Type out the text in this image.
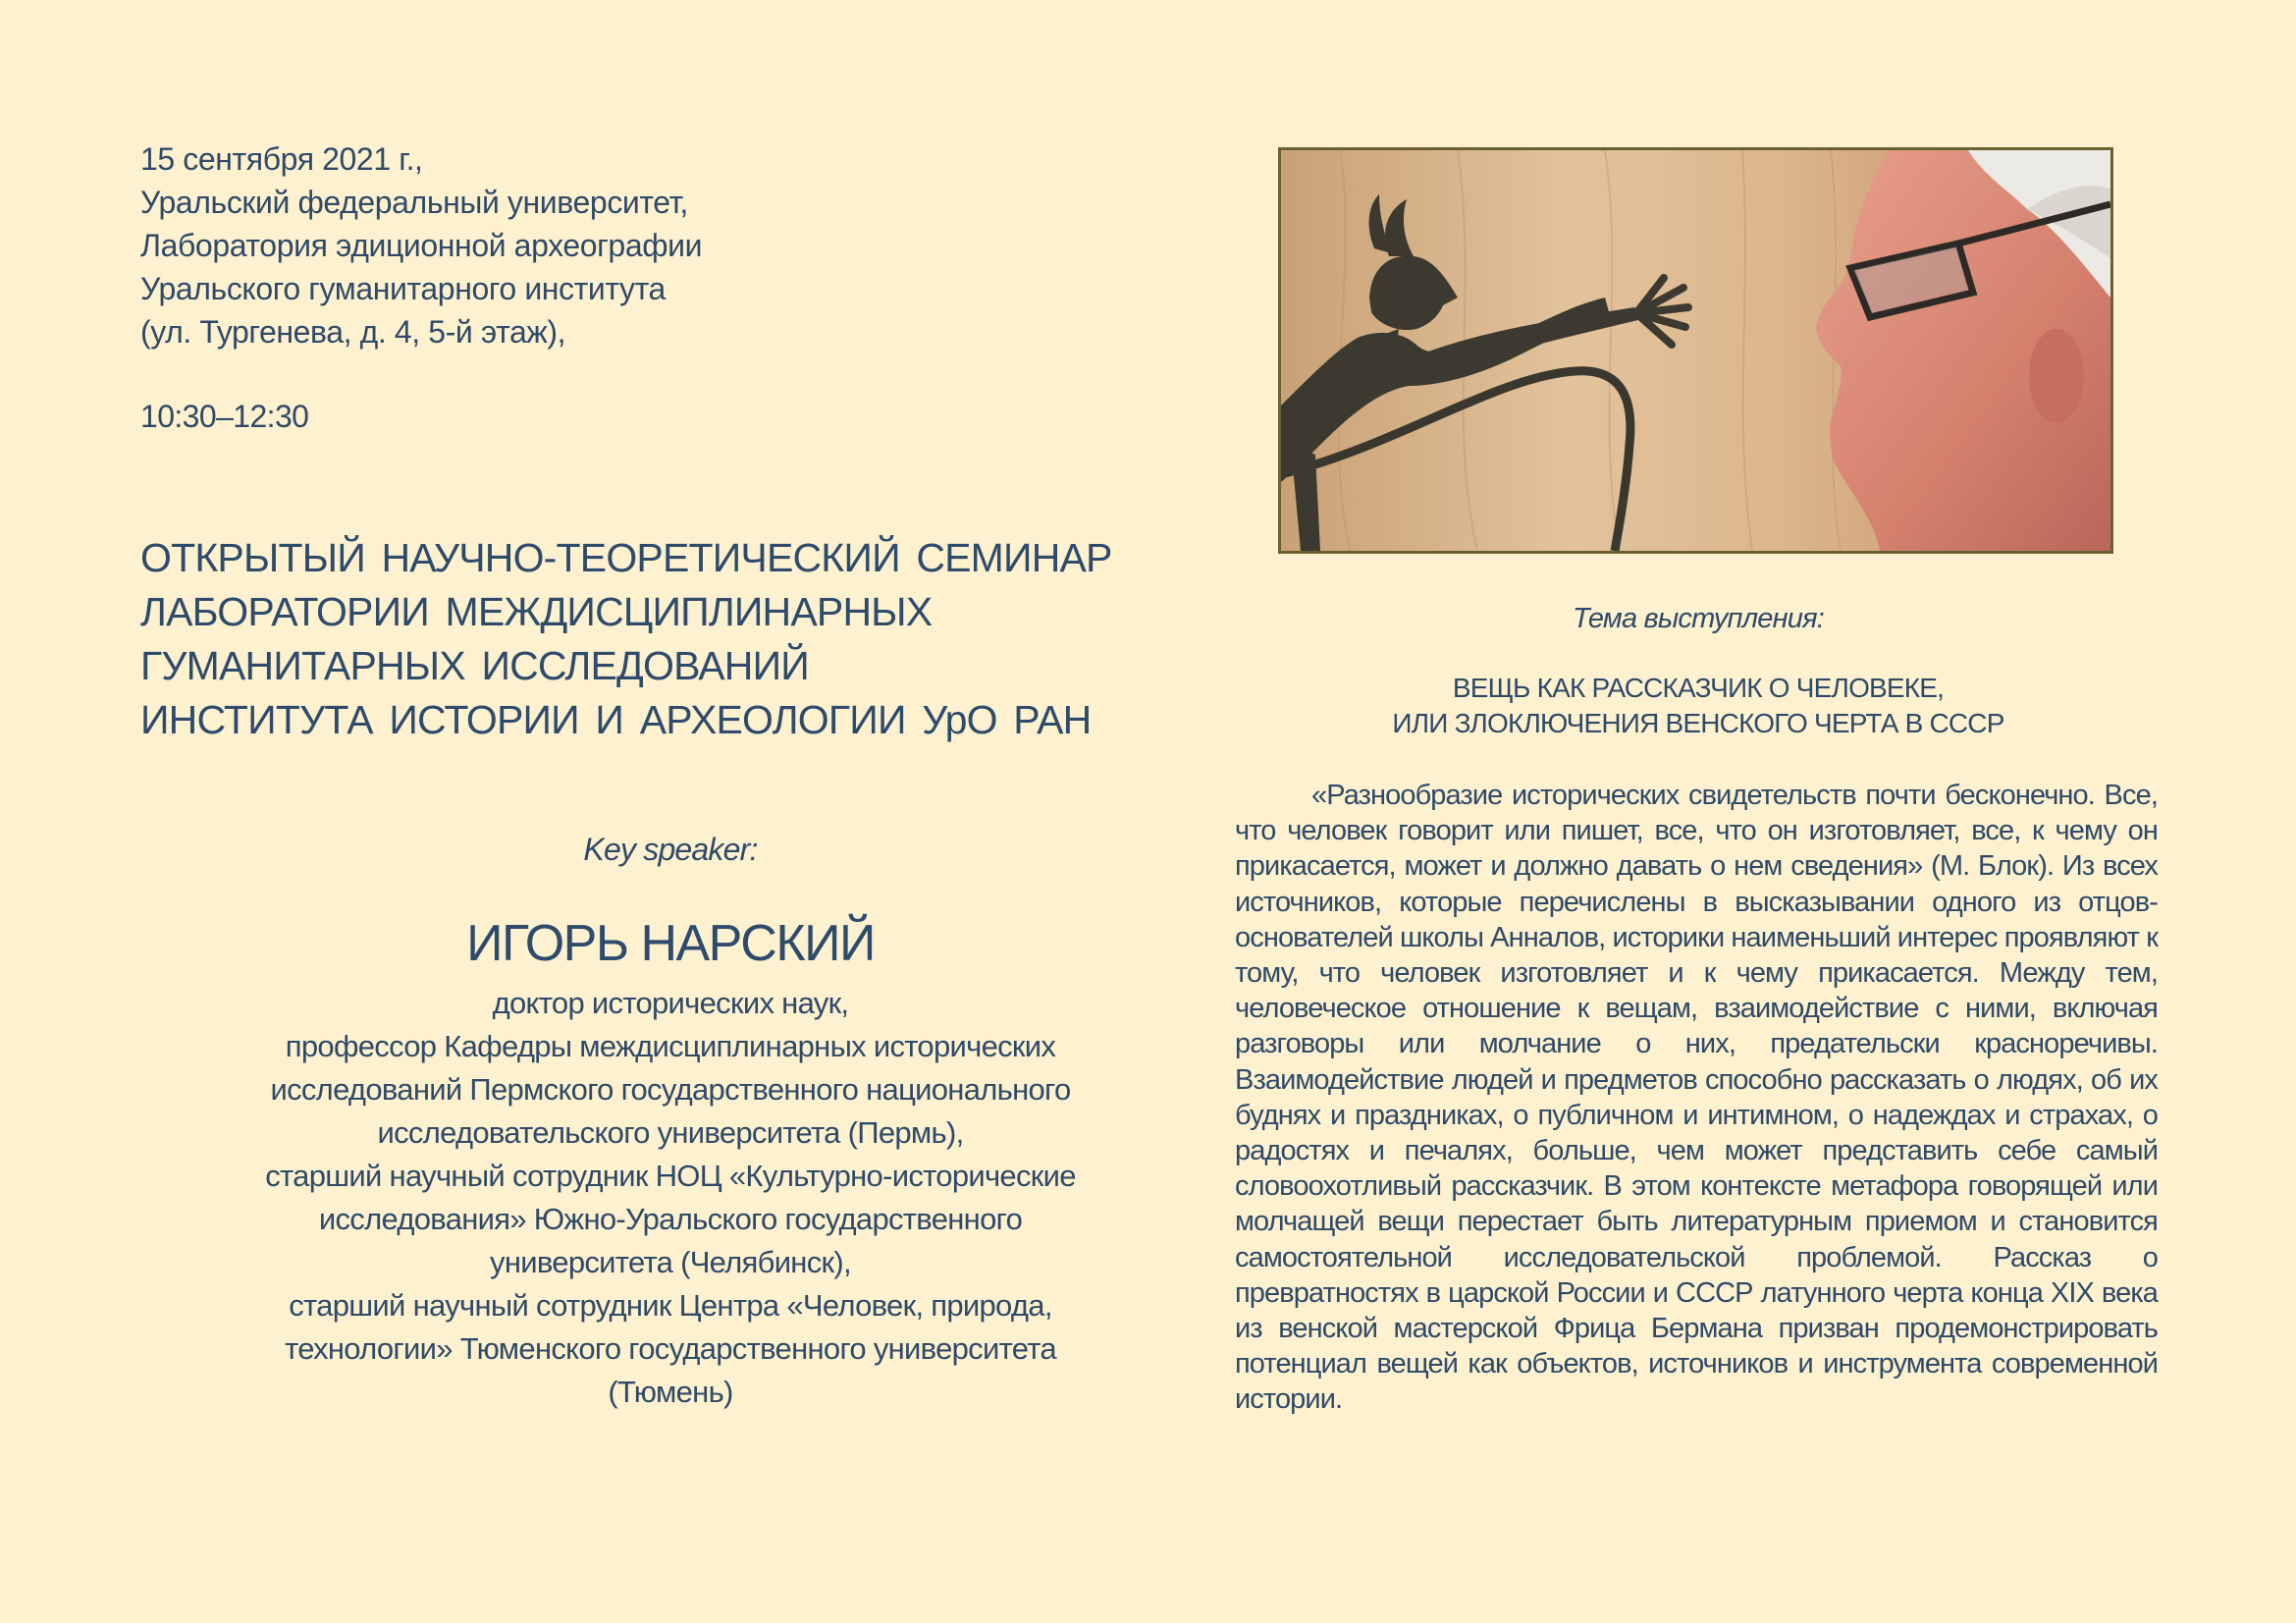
15 сентября 2021 г.,
Уральский федеральный университет,
Лаборатория эдиционной археографии
Уральского гуманитарного института
(ул. Тургенева, д. 4, 5-й этаж),
10:30–12:30
ОТКРЫТЫЙ НАУЧНО-ТЕОРЕТИЧЕСКИЙ СЕМИНАР
ЛАБОРАТОРИИ МЕЖДИСЦИПЛИНАРНЫХ
ГУМАНИТАРНЫХ ИССЛЕДОВАНИЙ
ИНСТИТУТА ИСТОРИИ И АРХЕОЛОГИИ УрО РАН
Key speaker:
ИГОРЬ НАРСКИЙ
доктор исторических наук,
профессор Кафедры междисциплинарных исторических
исследований Пермского государственного национального
исследовательского университета (Пермь),
старший научный сотрудник НОЦ «Культурно-исторические
исследования» Южно-Уральского государственного
университета (Челябинск),
старший научный сотрудник Центра «Человек, природа,
технологии» Тюменского государственного университета
(Тюмень)
Тема выступления:
ВЕЩЬ КАК РАССКАЗЧИК О ЧЕЛОВЕКЕ,
ИЛИ ЗЛОКЛЮЧЕНИЯ ВЕНСКОГО ЧЕРТА В СССР
«Разнообразие исторических свидетельств почти бесконечно. Все, что человек говорит или пишет, все, что он изготовляет, все, к чему он прикасается, может и должно давать о нем сведения» (М. Блок). Из всех источников, которые перечислены в высказывании одного из отцов-основателей школы Анналов, историки наименьший интерес проявляют к тому, что человек изготовляет и к чему прикасается. Между тем, человеческое отношение к вещам, взаимодействие с ними, включая разговоры или молчание о них, предательски красноречивы. Взаимодействие людей и предметов способно рассказать о людях, об их буднях и праздниках, о публичном и интимном, о надеждах и страхах, о радостях и печалях, больше, чем может представить себе самый словоохотливый рассказчик. В этом контексте метафора говорящей или молчащей вещи перестает быть литературным приемом и становится самостоятельной исследовательской проблемой. Рассказ о превратностях в царской России и СССР латунного черта конца XIX века из венской мастерской Фрица Бермана призван продемонстрировать потенциал вещей как объектов, источников и инструмента современной истории.
